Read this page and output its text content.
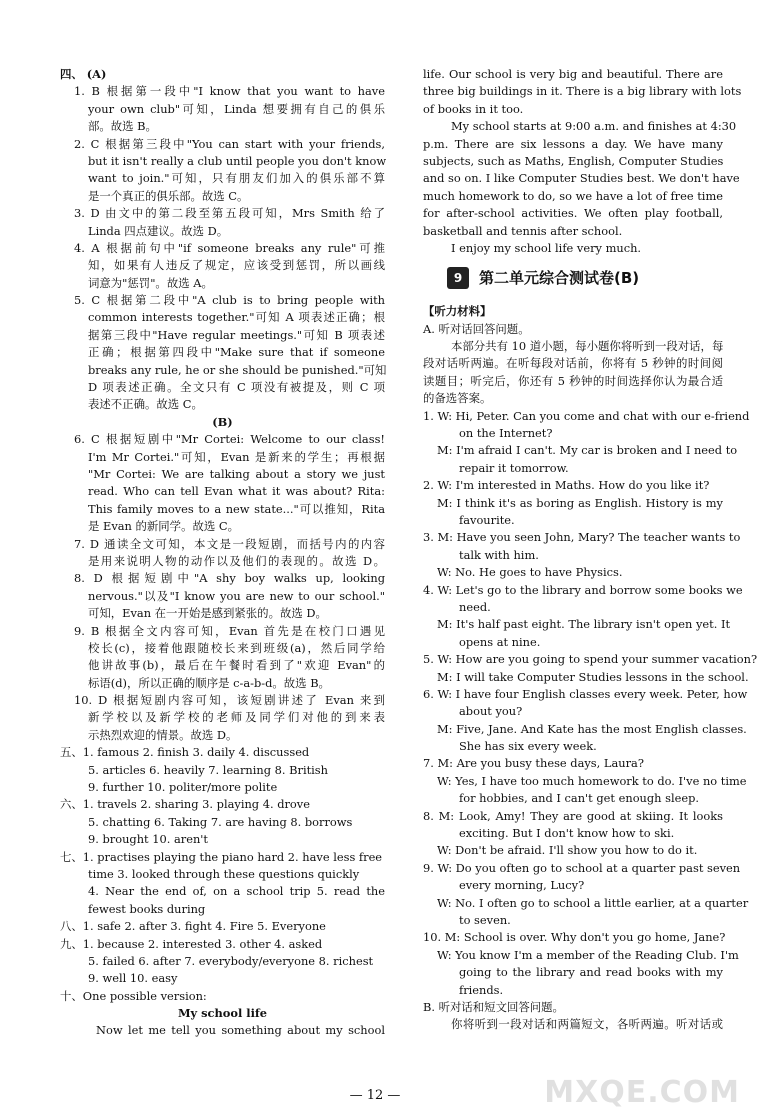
四、 (A)
1. B 根据第一段中"I know that you want to have
your own club"可知，Linda 想要拥有自己的俱乐
部。故选 B。
2. C 根据第三段中"You can start with your friends,
but it isn't really a club until people you don't know
want to join."可知，只有朋友们加入的俱乐部不算
是一个真正的俱乐部。故选 C。
3. D 由文中的第二段至第五段可知，Mrs Smith 给了
Linda 四点建议。故选 D。
4. A 根据前句中"if someone breaks any rule"可推
知，如果有人违反了规定，应该受到惩罚，所以画线
词意为"惩罚"。故选 A。
5. C 根据第二段中"A club is to bring people with
common interests together."可知 A 项表述正确；根
据第三段中"Have regular meetings."可知 B 项表述
正确；根据第四段中"Make sure that if someone
breaks any rule, he or she should be punished."可知
D 项表述正确。全文只有 C 项没有被提及，则 C 项
表述不正确。故选 C。
(B)
6. C 根据短剧中"Mr Cortei: Welcome to our class!
I'm Mr Cortei."可知，Evan 是新来的学生；再根据
"Mr Cortei: We are talking about a story we just
read. Who can tell Evan what it was about? Rita:
This family moves to a new state..."可以推知，Rita
是 Evan 的新同学。故选 C。
7. D 通读全文可知，本文是一段短剧，而括号内的内容
是用来说明人物的动作以及他们的表现的。故选 D。
8. D 根据短剧中"A shy boy walks up, looking
nervous."以及"I know you are new to our school."
可知，Evan 在一开始是感到紧张的。故选 D。
9. B 根据全文内容可知，Evan 首先是在校门口遇见
校长(c)，接着他跟随校长来到班级(a)，然后同学给
他讲故事(b)，最后在午餐时看到了"欢迎 Evan"的
标语(d)，所以正确的顺序是 c-a-b-d。故选 B。
10. D 根据短剧内容可知，该短剧讲述了 Evan 来到
新学校以及新学校的老师及同学们对他的到来表
示热烈欢迎的情景。故选 D。
五、1. famous 2. finish 3. daily 4. discussed
5. articles 6. heavily 7. learning 8. British
9. further 10. politer/more polite
六、1. travels 2. sharing 3. playing 4. drove
5. chatting 6. Taking 7. are having 8. borrows
9. brought 10. aren't
七、1. practises playing the piano hard 2. have less free
time 3. looked through these questions quickly
4. Near the end of, on a school trip 5. read the
fewest books during
八、1. safe 2. after 3. fight 4. Fire 5. Everyone
九、1. because 2. interested 3. other 4. asked
5. failed 6. after 7. everybody/everyone 8. richest
9. well 10. easy
十、One possible version:
My school life
Now let me tell you something about my school
life. Our school is very big and beautiful. There are
three big buildings in it. There is a big library with lots
of books in it too.
My school starts at 9:00 a.m. and finishes at 4:30
p.m. There are six lessons a day. We have many
subjects, such as Maths, English, Computer Studies
and so on. I like Computer Studies best. We don't have
much homework to do, so we have a lot of free time
for after-school activities. We often play football,
basketball and tennis after school.
I enjoy my school life very much.
9	第二单元综合测试卷(B)
【听力材料】
A. 听对话回答问题。
本部分共有 10 道小题，每小题你将听到一段对话，每
段对话听两遍。在听每段对话前，你将有 5 秒钟的时间阅
读题目；听完后，你还有 5 秒钟的时间选择你认为最合适
的备选答案。
1. W: Hi, Peter. Can you come and chat with our e-friend
on the Internet?
M: I'm afraid I can't. My car is broken and I need to
repair it tomorrow.
2. W: I'm interested in Maths. How do you like it?
M: I think it's as boring as English. History is my
favourite.
3. M: Have you seen John, Mary? The teacher wants to
talk with him.
W: No. He goes to have Physics.
4. W: Let's go to the library and borrow some books we
need.
M: It's half past eight. The library isn't open yet. It
opens at nine.
5. W: How are you going to spend your summer vacation?
M: I will take Computer Studies lessons in the school.
6. W: I have four English classes every week. Peter, how
about you?
M: Five, Jane. And Kate has the most English classes.
She has six every week.
7. M: Are you busy these days, Laura?
W: Yes, I have too much homework to do. I've no time
for hobbies, and I can't get enough sleep.
8. M: Look, Amy! They are good at skiing. It looks
exciting. But I don't know how to ski.
W: Don't be afraid. I'll show you how to do it.
9. W: Do you often go to school at a quarter past seven
every morning, Lucy?
W: No. I often go to school a little earlier, at a quarter
to seven.
10. M: School is over. Why don't you go home, Jane?
W: You know I'm a member of the Reading Club. I'm
going to the library and read books with my
friends.
B. 听对话和短文回答问题。
你将听到一段对话和两篇短文，各听两遍。听对话或
— 12 —	MXQE.COM
